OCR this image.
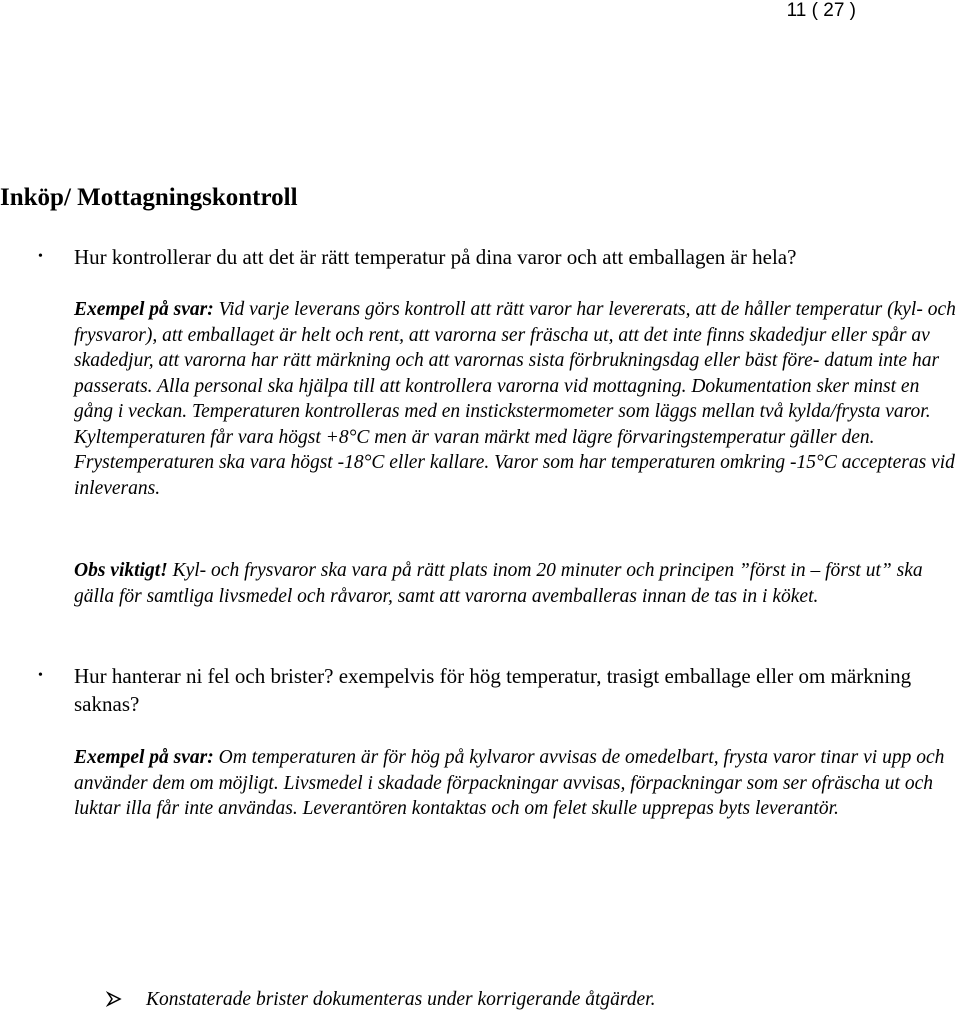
11 ( 27 )
Inköp/ Mottagningskontroll
•	Hur kontrollerar du att det är rätt temperatur på dina varor och att emballagen är hela?
Exempel på svar: Vid varje leverans görs kontroll att rätt varor har levererats, att de håller temperatur (kyl- och frysvaror), att emballaget är helt och rent, att varorna ser fräscha ut, att det inte finns skadedjur eller spår av skadedjur, att varorna har rätt märkning och att varornas sista förbrukningsdag eller bäst före- datum inte har passerats. Alla personal ska hjälpa till att kontrollera varorna vid mottagning. Dokumentation sker minst en gång i veckan. Temperaturen kontrolleras med en instickstermometer som läggs mellan två kylda/frysta varor. Kyltemperaturen får vara högst +8°C men är varan märkt med lägre förvaringstemperatur gäller den. Frystemperaturen ska vara högst -18°C eller kallare. Varor som har temperaturen omkring -15°C accepteras vid inleverans.
Obs viktigt! Kyl- och frysvaror ska vara på rätt plats inom 20 minuter och principen ”först in – först ut” ska gälla för samtliga livsmedel och råvaror, samt att varorna avemballeras innan de tas in i köket.
•	Hur hanterar ni fel och brister? exempelvis för hög temperatur, trasigt emballage eller om märkning saknas?
Exempel på svar: Om temperaturen är för hög på kylvaror avvisas de omedelbart, frysta varor tinar vi upp och använder dem om möjligt. Livsmedel i skadade förpackningar avvisas, förpackningar som ser ofräscha ut och luktar illa får inte användas. Leverantören kontaktas och om felet skulle upprepas byts leverantör.
Konstaterade brister dokumenteras under korrigerande åtgärder.
